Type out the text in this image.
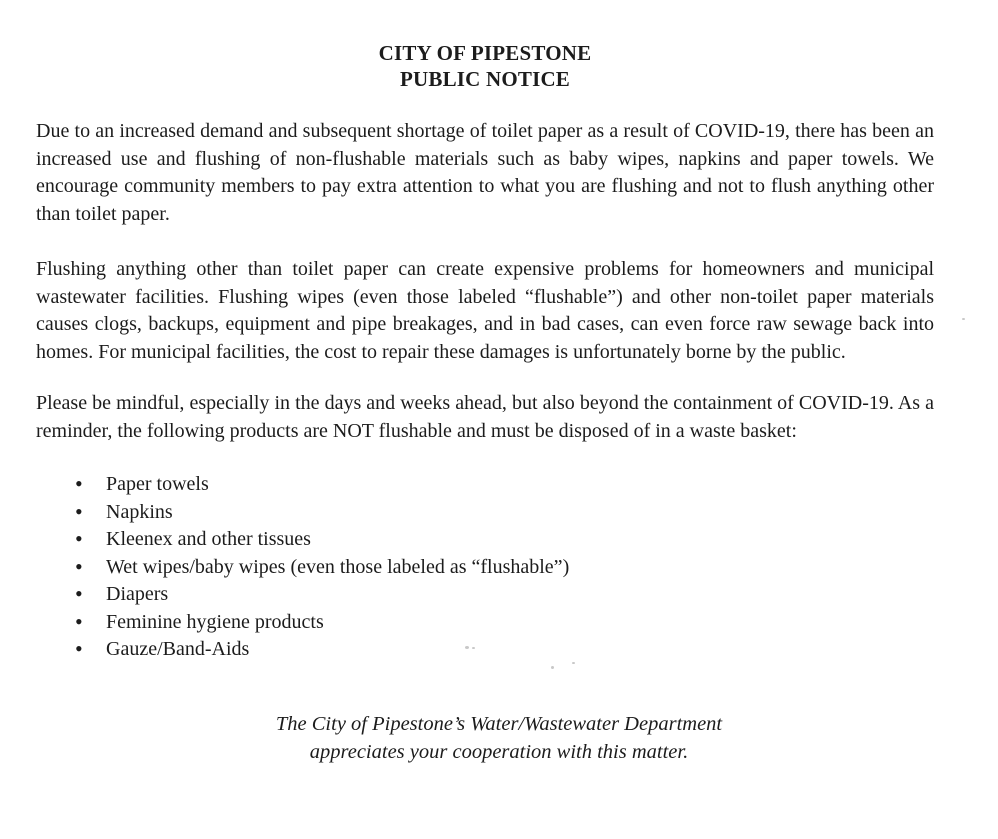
CITY OF PIPESTONE
PUBLIC NOTICE

Due to an increased demand and subsequent shortage of toilet paper as a result of COVID-19, there has been an increased use and flushing of non-flushable materials such as baby wipes, napkins and paper towels. We encourage community members to pay extra attention to what you are flushing and not to flush anything other than toilet paper.

Flushing anything other than toilet paper can create expensive problems for homeowners and municipal wastewater facilities. Flushing wipes (even those labeled “flushable”) and other non-toilet paper materials causes clogs, backups, equipment and pipe breakages, and in bad cases, can even force raw sewage back into homes. For municipal facilities, the cost to repair these damages is unfortunately borne by the public.

Please be mindful, especially in the days and weeks ahead, but also beyond the containment of COVID-19. As a reminder, the following products are NOT flushable and must be disposed of in a waste basket:

• Paper towels
• Napkins
• Kleenex and other tissues
• Wet wipes/baby wipes (even those labeled as “flushable”)
• Diapers
• Feminine hygiene products
• Gauze/Band-Aids
The City of Pipestone’s Water/Wastewater Department
appreciates your cooperation with this matter.
